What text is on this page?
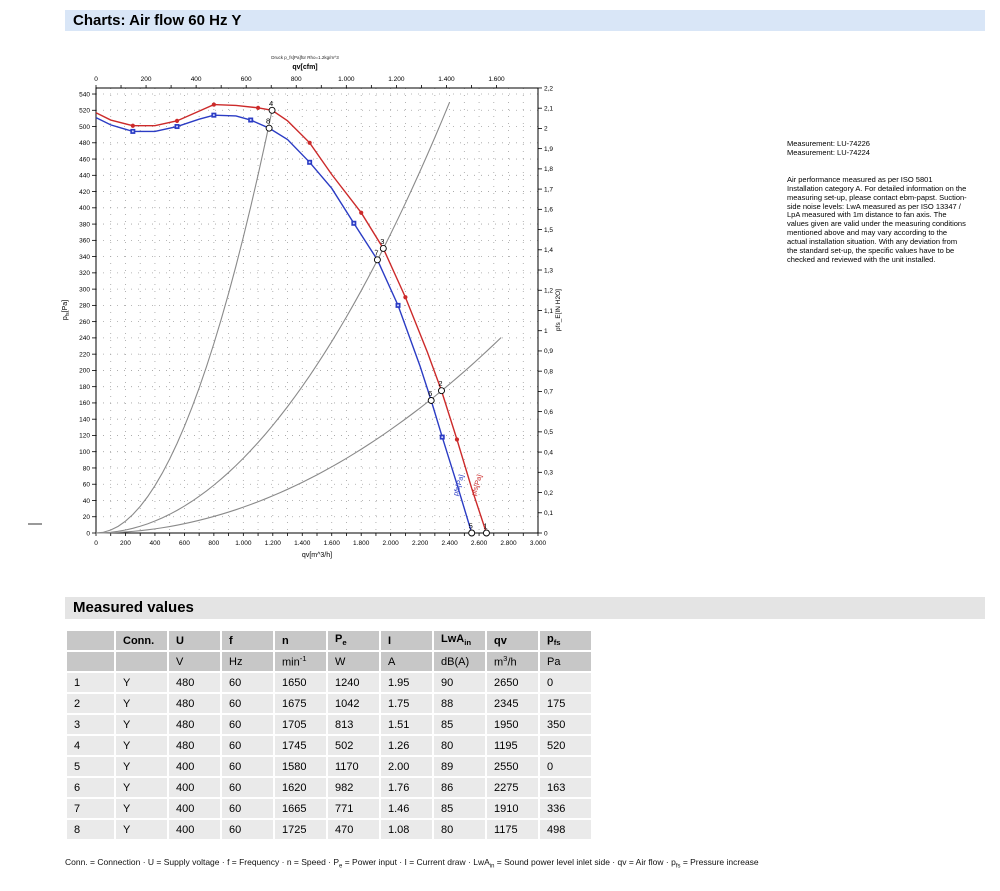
Charts: Air flow 60 Hz Y
0	200	400	600	800 1.000 1.200 1.400 1.600 1.800 2.000 2.200 2.400 2.600 2.800 3.000
qv[m^3/h]
0	200	400	600	800	1.000	1.200	1.400	1.600
qv[cfm]
Druck p_fs[Pa]für Rho=1.2kg/m^3
0
20
40
60
80
100
120
140
160
180
200
220
240
260
280
300
320
340
360
380
400
420
440
460
480
500
520
540
$p_{fs}[Pa]$
0
0,1
0,2
0,3
0,4
0,5
0,6
0,7
0,8
0,9
1
1,1
1,2
1,3
1,4
1,5
1,6
1,7
1,8
1,9
2
2,1
2,2
pfs_E[IN H2O]
1
2
3
4
5
6
7
8
pfs[Pa] pfs[Pa]
Measurement: LU-74226
Measurement: LU-74224
Air performance measured as per ISO 5801 Installation category A. For detailed information on the measuring set-up, please contact ebm-papst. Suction-side noise levels: LwA measured as per ISO 13347 / LpA measured with 1m distance to fan axis. The values given are valid under the measuring conditions mentioned above and may vary according to the actual installation situation. With any deviation from the standard set-up, the specific values have to be checked and reviewed with the unit installed.
Measured values
	Conn.	U	f	n	$P_e$	I	LwA$_{in}$	qv	$p_{fs}$
		V	Hz	$\min^{-1}$	W	A	dB(A)	$m^3/h$	Pa
1	Y	480	60	1650	1240	1.95	90	2650	0
2	Y	480	60	1675	1042	1.75	88	2345	175
3	Y	480	60	1705	813	1.51	85	1950	350
4	Y	480	60	1745	502	1.26	80	1195	520
5	Y	400	60	1580	1170	2.00	89	2550	0
6	Y	400	60	1620	982	1.76	86	2275	163
7	Y	400	60	1665	771	1.46	85	1910	336
8	Y	400	60	1725	470	1.08	80	1175	498
Conn. = Connection · U = Supply voltage · f = Frequency · n = Speed · $P_e$ = Power input · I = Current draw · LwA$_{in}$ = Sound power level inlet side · qv = Air flow · $p_{fs}$ = Pressure increase
